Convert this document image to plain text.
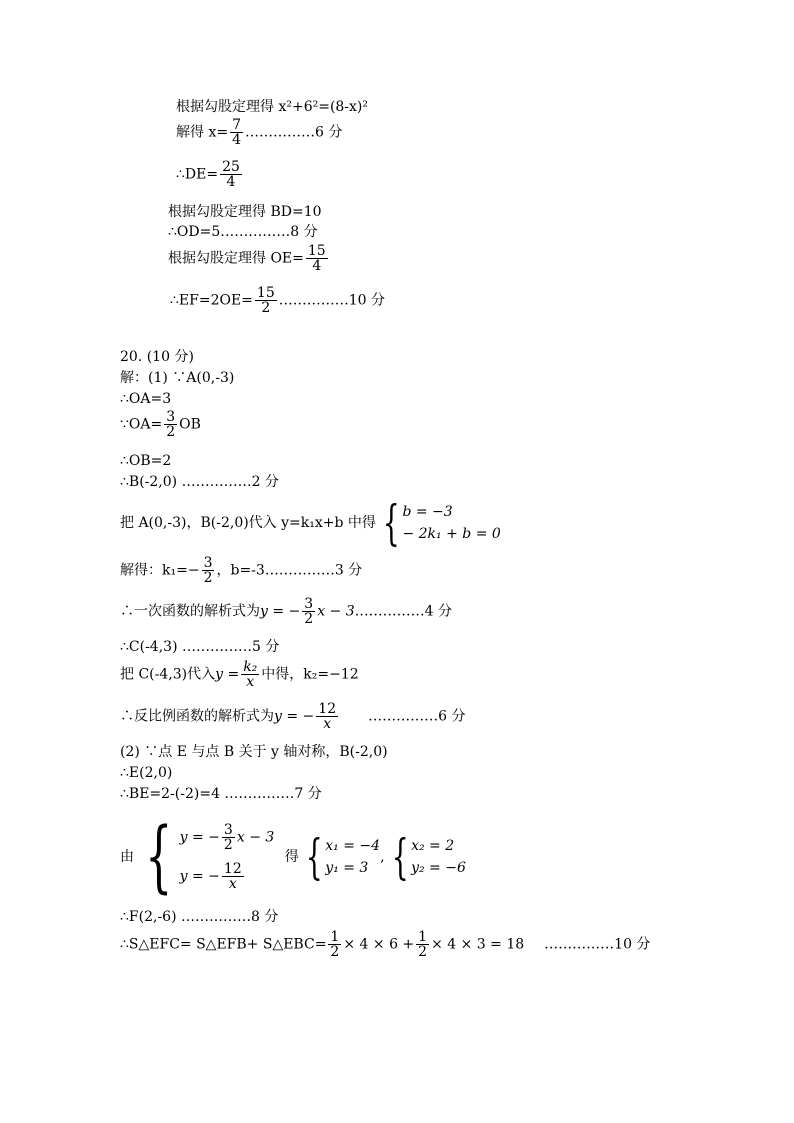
根据勾股定理得 x²+6²=(8-x)²
解得 $x= \frac{7}{4}$ ……………6 分
∴DE= $\frac{25}{4}$
根据勾股定理得 BD=10
∴OD=5……………8 分
根据勾股定理得 $OE= \frac{15}{4}$
∴EF=2OE= $\frac{15}{2}$ ……………10 分
20. (10 分)
解：(1) ∵A(0,-3)
∴OA=3
∵OA= $\frac{3}{2}$ OB
∴OB=2
∴B(-2,0) ……………2 分
把 A(0,-3)，B(-2,0)代入 y=k₁x+b 中得 { b = −3
− 2k₁ + b = 0
解得：$k_1=- \frac{3}{2}$ ，b=-3……………3 分
∴一次函数的解析式为y = − $\frac{3}{2}$ x − 3……………4 分
∴C(-4,3) ……………5 分
把 C(-4,3)代入$y = \frac{\text{k₂}}{x}$ 中得，k₂=−12
∴反比例函数的解析式为y = − $\frac{12}{x}$ ……………6 分
(2) ∵点 E 与点 B 关于 y 轴对称，B(-2,0)
∴E(2,0)
∴BE=2-(-2)=4 ……………7 分
由 { y = − $\frac{3}{2}$ x − 3
y = − $\frac{12}{x}$
得 { x₁ = −4
y₁ = 3
, { x₂ = 2
y₂ = −6
∴F(2,-6) ……………8 分
∴S△EFC= S△EFB+ S△EBC= $\frac{1}{2} \times 4 \times 6 + \frac{1}{2} \times 4 \times 3 = 18$ ……………10 分
